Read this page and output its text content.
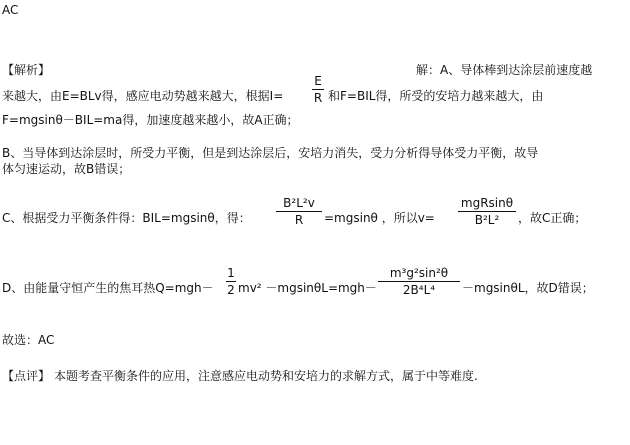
AC
【解析】	解：A、导体棒到达涂层前速度越
来越大，由E=BLv得，感应电动势越来越大，根据I=
E
R 和F=BIL得，所受的安培力越来越大，由
F=mgsinθ－BIL=ma得，加速度越来越小，故A正确；
B、当导体到达涂层时，所受力平衡，但是到达涂层后，安培力消失，受力分析得导体受力平衡，故导
体匀速运动，故B错误；
C、根据受力平衡条件得：BIL=mgsinθ，得：
B²L²v
R	=mgsinθ ，所以v=
mgRsinθ
B²L²	，故C正确；
D、由能量守恒产生的焦耳热Q=mgh－
1
2 mv² －mgsinθL=mgh－
m³g²sin²θ
2B⁴L⁴	－mgsinθL，故D错误；
故选：AC
【点评】 本题考查平衡条件的应用，注意感应电动势和安培力的求解方式，属于中等难度.
